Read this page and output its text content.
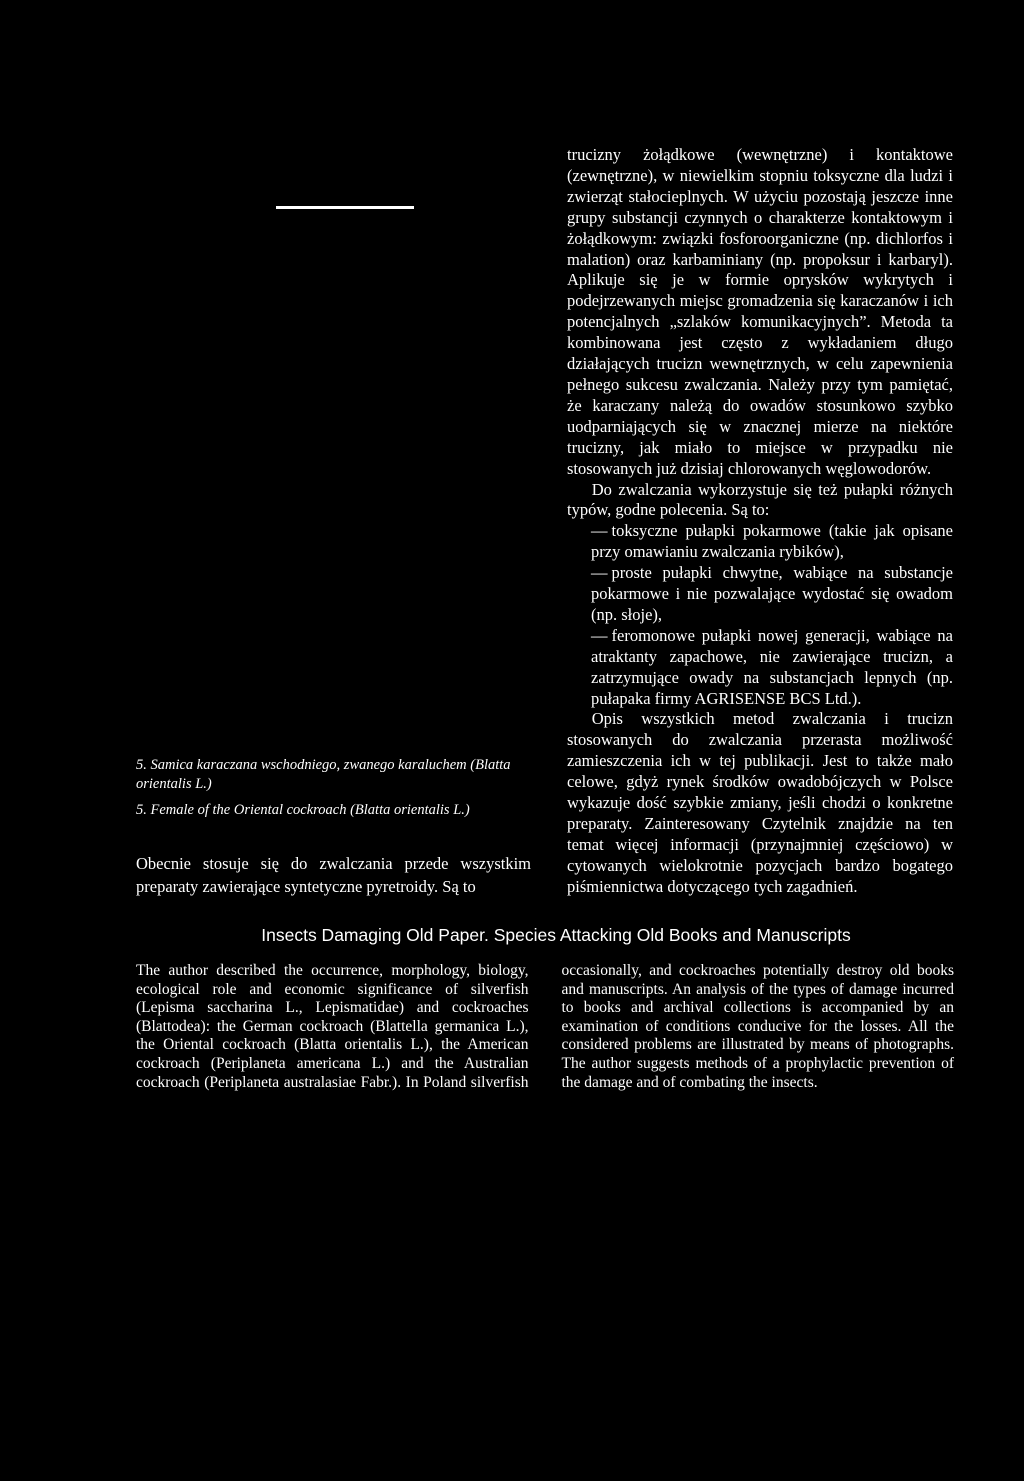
5. Samica karaczana wschodniego, zwanego karaluchem (Blatta orientalis L.)

5. Female of the Oriental cockroach (Blatta orientalis L.)

Obecnie stosuje się do zwalczania przede wszystkim preparaty zawierające syntetyczne pyretroidy. Są to

trucizny żołądkowe (wewnętrzne) i kontaktowe (zewnętrzne), w niewielkim stopniu toksyczne dla ludzi i zwierząt stałocieplnych. W użyciu pozostają jeszcze inne grupy substancji czynnych o charakterze kontaktowym i żołądkowym: związki fosforoorganiczne (np. dichlorfos i malation) oraz karbaminiany (np. propoksur i karbaryl). Aplikuje się je w formie oprysków wykrytych i podejrzewanych miejsc gromadzenia się karaczanów i ich potencjalnych „szlaków komunikacyjnych”. Metoda ta kombinowana jest często z wykładaniem długo działających trucizn wewnętrznych, w celu zapewnienia pełnego sukcesu zwalczania. Należy przy tym pamiętać, że karaczany należą do owadów stosunkowo szybko uodparniających się w znacznej mierze na niektóre trucizny, jak miało to miejsce w przypadku nie stosowanych już dzisiaj chlorowanych węglowodorów.

Do zwalczania wykorzystuje się też pułapki różnych typów, godne polecenia. Są to:

— toksyczne pułapki pokarmowe (takie jak opisane przy omawianiu zwalczania rybików),
— proste pułapki chwytne, wabiące na substancje pokarmowe i nie pozwalające wydostać się owadom (np. słoje),
— feromonowe pułapki nowej generacji, wabiące na atraktanty zapachowe, nie zawierające trucizn, a zatrzymujące owady na substancjach lepnych (np. pułapaka firmy AGRISENSE BCS Ltd.).

Opis wszystkich metod zwalczania i trucizn stosowanych do zwalczania przerasta możliwość zamieszczenia ich w tej publikacji. Jest to także mało celowe, gdyż rynek środków owadobójczych w Polsce wykazuje dość szybkie zmiany, jeśli chodzi o konkretne preparaty. Zainteresowany Czytelnik znajdzie na ten temat więcej informacji (przynajmniej częściowo) w cytowanych wielokrotnie pozycjach bardzo bogatego piśmiennictwa dotyczącego tych zagadnień.

Insects Damaging Old Paper. Species Attacking Old Books and Manuscripts

The author described the occurrence, morphology, biology, ecological role and economic significance of silverfish (Lepisma saccharina L., Lepismatidae) and cockroaches (Blattodea): the German cockroach (Blattella germanica L.), the Oriental cockroach (Blatta orientalis L.), the American cockroach (Periplaneta americana L.) and the Australian cockroach (Periplaneta australasiae Fabr.). In Poland silverfish occasionally, and cockroaches potentially destroy old books and manuscripts. An analysis of the types of damage incurred to books and archival collections is accompanied by an examination of conditions conducive for the losses. All the considered problems are illustrated by means of photographs. The author suggests methods of a prophylactic prevention of the damage and of combating the insects.
